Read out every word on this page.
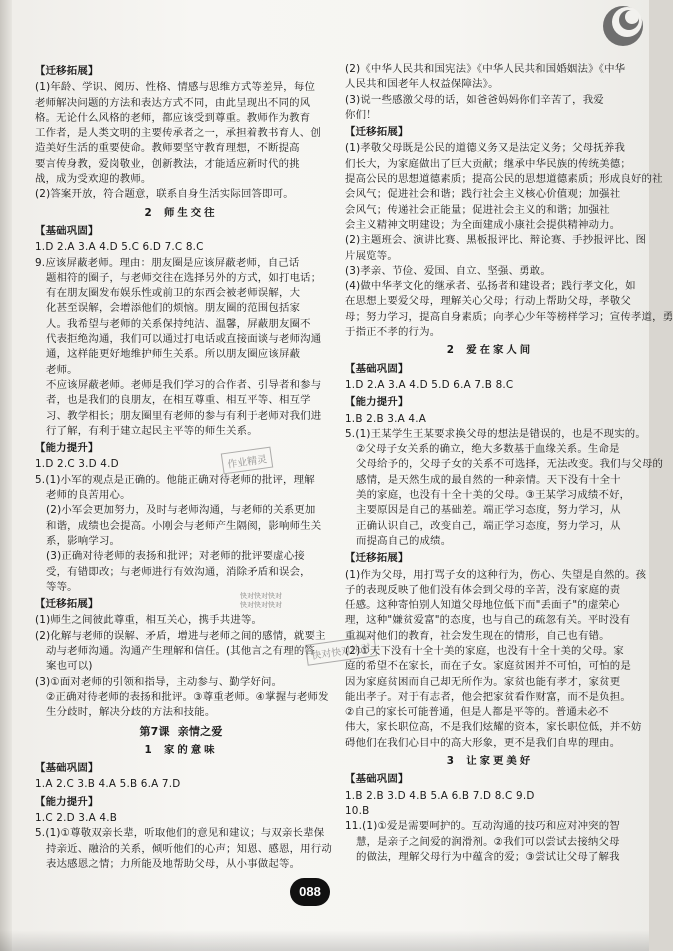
【迁移拓展】

(1)年龄、学识、阅历、性格、情感与思维方式等差异，每位

老师解决问题的方法和表达方式不同，由此呈现出不同的风

格。无论什么风格的老师，都应该受到尊重。教师作为教育

工作者，是人类文明的主要传承者之一，承担着教书育人、创

造美好生活的重要使命。教师要坚守教育理想，不断提高

要言传身教，爱岗敬业，创新教法，才能适应新时代的挑

战，成为受欢迎的教师。

(2)答案开放，符合题意，联系自身生活实际回答即可。

2 师生交往
【基础巩固】

1.D 2.A 3.A 4.D 5.C 6.D 7.C 8.C

9.应该屏蔽老师。理由：朋友圈是应该屏蔽老师，自己话

题相符的圈子，与老师交往在选择另外的方式，如打电话；

有在朋友圈发布娱乐性或前卫的东西会被老师误解，大

化甚至误解，会增添他们的烦恼。朋友圈的范围包括家

人。我希望与老师的关系保持纯洁、温馨，屏蔽朋友圈不

代表拒绝沟通，我们可以通过打电话或直接面谈与老师沟通

通，这样能更好地维护师生关系。所以朋友圈应该屏蔽

老师。

不应该屏蔽老师。老师是我们学习的合作者、引导者和参与

者，也是我们的良朋友，在相互尊重、相互平等、相互学

习、教学相长；朋友圈里有老师的参与有利于老师对我们进

行了解，有利于建立起民主平等的师生关系。

【能力提升】

1.D 2.C 3.D 4.D

5.(1)小军的观点是正确的。他能正确对待老师的批评，理解

老师的良苦用心。

(2)小军会更加努力，及时与老师沟通，与老师的关系更加

和谐，成绩也会提高。小刚会与老师产生隔阂，影响师生关

系，影响学习。

(3)正确对待老师的表扬和批评；对老师的批评要虚心接

受，有错即改；与老师进行有效沟通，消除矛盾和误会，

等等。

【迁移拓展】

(1)师生之间彼此尊重，相互关心，携手共进等。

(2)化解与老师的误解、矛盾，增进与老师之间的感情，就要主

动与老师沟通。沟通产生理解和信任。(其他言之有理的答

案也可以)

(3)①面对老师的引领和指导，主动参与、勤学好问。

②正确对待老师的表扬和批评。③尊重老师。④掌握与老师发

生分歧时，解决分歧的方法和技能。

第7课 亲情之爱
1 家的意味
【基础巩固】

1.A 2.C 3.B 4.A 5.B 6.A 7.D

【能力提升】

1.C 2.D 3.A 4.B

5.(1)①尊敬双亲长辈，听取他们的意见和建议；与双亲长辈保

持亲近、融洽的关系，倾听他们的心声；知恩、感恩，用行动

表达感恩之情；力所能及地帮助父母，从小事做起等。

(2)《中华人民共和国宪法》《中华人民共和国婚姻法》《中华

人民共和国老年人权益保障法》。

(3)说一些感激父母的话，如爸爸妈妈你们辛苦了，我爱

你们！

【迁移拓展】

(1)孝敬父母既是公民的道德义务又是法定义务；父母抚养我

们长大，为家庭做出了巨大贡献；继承中华民族的传统美德；

提高公民的思想道德素质；提高公民的思想道德素质；形成良好的社

会风气；促进社会和谐；践行社会主义核心价值观；加强社

会风气；传递社会正能量；促进社会主义的和谐；加强社

会主义精神文明建设；为全面建成小康社会提供精神动力。

(2)主题班会、演讲比赛、黑板报评比、辩论赛、手抄报评比、图

片展览等。

(3)孝亲、节俭、爱国、自立、坚强、勇敢。

(4)做中华孝文化的继承者、弘扬者和建设者；践行孝文化，如

在思想上要爱父母，理解关心父母；行动上帮助父母，孝敬父

母；努力学习，提高自身素质；向孝心少年等榜样学习；宣传孝道，勇

于指正不孝的行为。

2 爱在家人间
【基础巩固】

1.D 2.A 3.A 4.D 5.D 6.A 7.B 8.C

【能力提升】

1.B 2.B 3.A 4.A

5.(1)王某学生王某要求换父母的想法是错误的，也是不现实的。

②父母子女关系的确立，绝大多数基于血缘关系。生命是

父母给予的，父母子女的关系不可选择，无法改变。我们与父母的

感情，是天然生成的最自然的一种亲情。天下没有十全十

美的家庭，也没有十全十美的父母。③王某学习成绩不好，

主要原因是自己的基础差。端正学习态度，努力学习，从

正确认识自己，改变自己，端正学习态度，努力学习，从

而提高自己的成绩。

【迁移拓展】

(1)作为父母，用打骂子女的这种行为，伤心、失望是自然的。孩

子的表现反映了他们没有体会到父母的辛苦，没有家庭的责

任感。这种寄怕别人知道父母地位低下而"丢面子"的虚荣心

理，这种"嫌贫爱富"的态度，也与自己的疏忽有关。平时没有

重视对他们的教育，社会发生现在的情形，自己也有错。

(2)①天下没有十全十美的家庭，也没有十全十美的父母。家

庭的希望不在家长，而在子女。家庭贫困并不可怕，可怕的是

因为家庭贫困而自己却无所作为。家贫也能有孝才，家贫更

能出孝子。对于有志者，他会把家贫看作财富，而不是负担。

②自己的家长可能普通，但是人都是平等的。普通未必不

伟大，家长职位高，不是我们炫耀的资本，家长职位低，并不妨

碍他们在我们心目中的高大形象，更不是我们自卑的理由。

3 让家更美好
【基础巩固】

1.B 2.B 3.D 4.B 5.A 6.B 7.D 8.C 9.D

10.B

11.(1)①爱是需要呵护的。互动沟通的技巧和应对冲突的智

慧，是亲子之间爱的润滑剂。②我们可以尝试去接纳父母

的做法，理解父母行为中蕴含的爱；③尝试让父母了解我

作业精灵
快对快对快对
快对快对快对
快对快对快对
088
